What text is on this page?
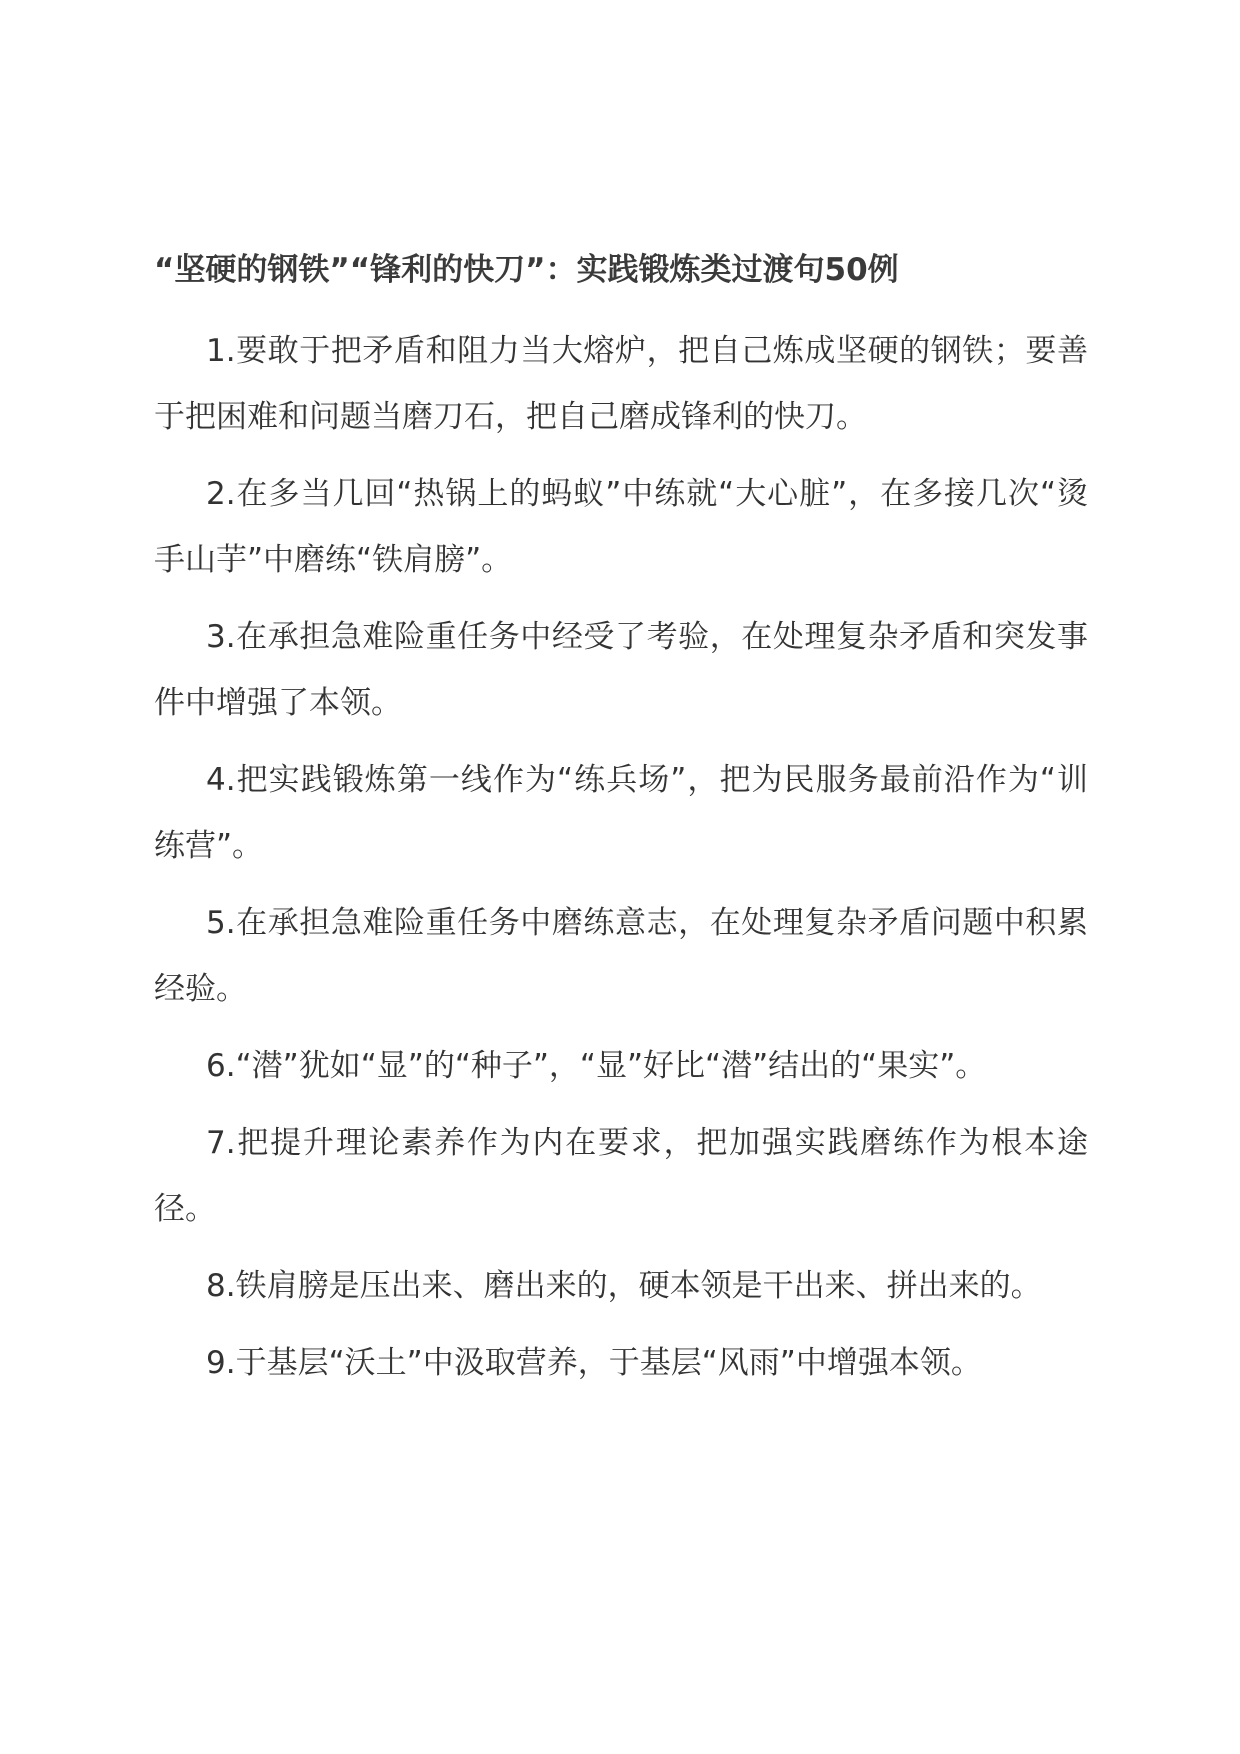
“坚硬的钢铁”“锋利的快刀”：实践锻炼类过渡句50例

1.要敢于把矛盾和阻力当大熔炉，把自己炼成坚硬的钢铁；要善于把困难和问题当磨刀石，把自己磨成锋利的快刀。

2.在多当几回“热锅上的蚂蚁”中练就“大心脏”，在多接几次“烫手山芋”中磨练“铁肩膀”。

3.在承担急难险重任务中经受了考验，在处理复杂矛盾和突发事件中增强了本领。

4.把实践锻炼第一线作为“练兵场”，把为民服务最前沿作为“训练营”。

5.在承担急难险重任务中磨练意志，在处理复杂矛盾问题中积累经验。

6.“潜”犹如“显”的“种子”，“显”好比“潜”结出的“果实”。

7.把提升理论素养作为内在要求，把加强实践磨练作为根本途径。

8.铁肩膀是压出来、磨出来的，硬本领是干出来、拼出来的。

9.于基层“沃土”中汲取营养，于基层“风雨”中增强本领。
